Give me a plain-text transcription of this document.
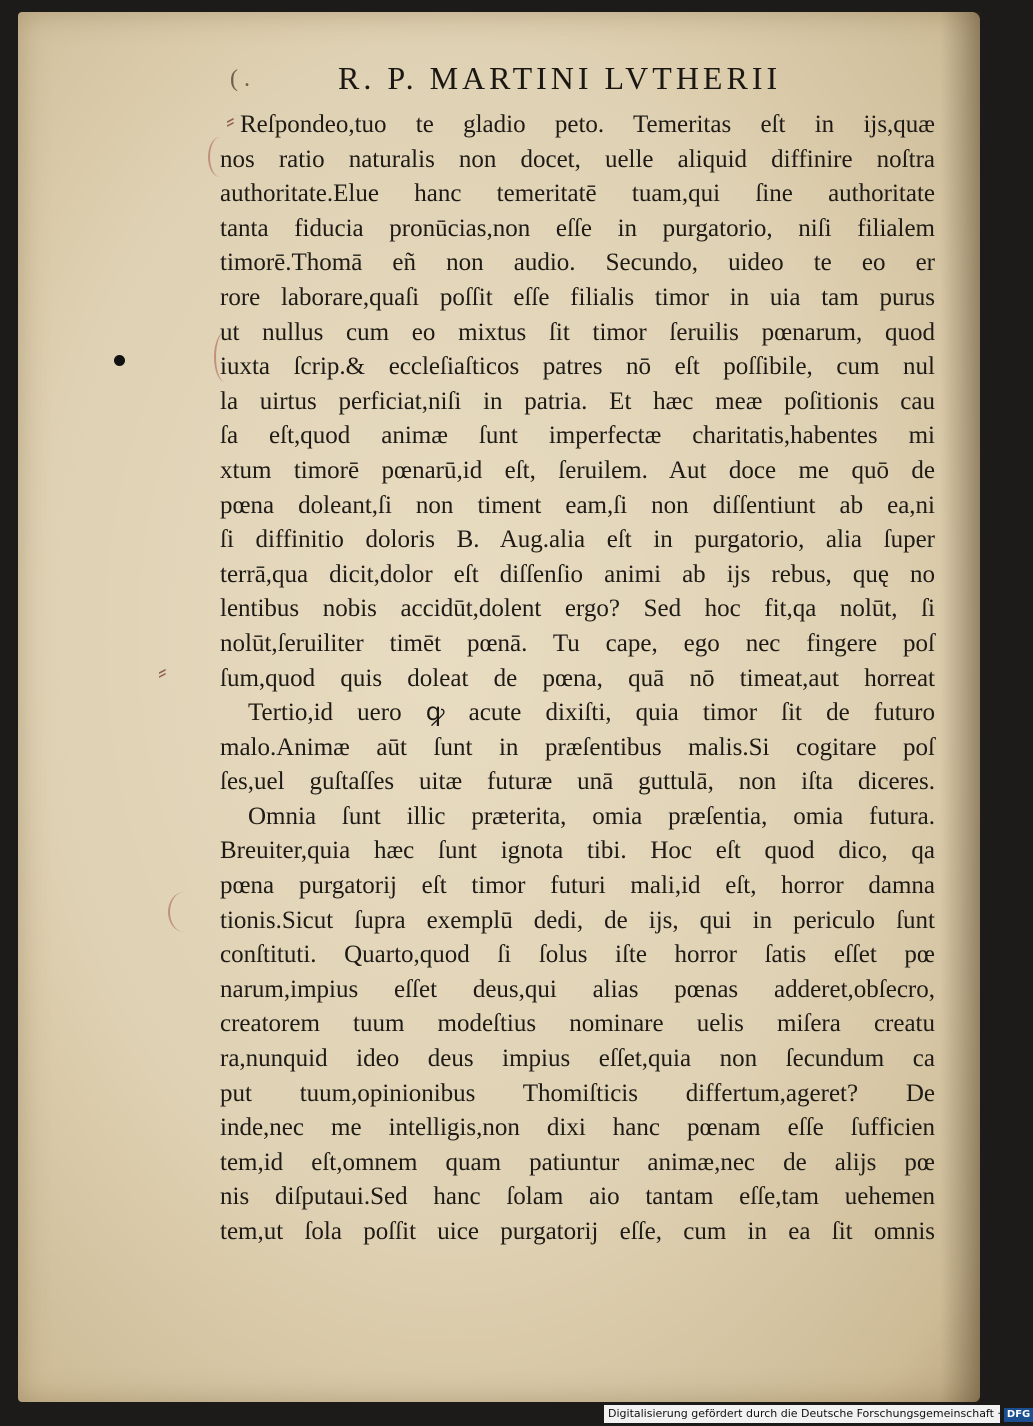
( .	R. P. MARTINI LVTHERII
⸗
⸗
Reſpondeo,tuo te gladio peto. Temeritas eſt in ijs,quæ
nos ratio naturalis non docet, uelle aliquid diffinire noſtra
authoritate.Elue hanc temeritatē tuam,qui ſine authoritate
tanta fiducia pronūcias,non eſſe in purgatorio, niſi filialem
timorē.Thomā eñ non audio. Secundo, uideo te eo er
rore laborare,quaſi poſſit eſſe filialis timor in uia tam purus
ut nullus cum eo mixtus ſit timor ſeruilis pœnarum, quod
iuxta ſcrip.& eccleſiaſticos patres nō eſt poſſibile, cum nul
la uirtus perficiat,niſi in patria. Et hæc meæ poſitionis cau
ſa eſt,quod animæ ſunt imperfectæ charitatis,habentes mi
xtum timorē pœnarū,id eſt, ſeruilem. Aut doce me quō de
pœna doleant,ſi non timent eam,ſi non diſſentiunt ab ea,ni
ſi diffinitio doloris B. Aug.alia eſt in purgatorio, alia ſuper
terrā,qua dicit,dolor eſt diſſenſio animi ab ijs rebus, quę no
lentibus nobis accidūt,dolent ergo? Sed hoc fit,qa nolūt, ſi
nolūt,ſeruiliter timēt pœnā. Tu cape, ego nec fingere poſ
ſum,quod quis doleat de pœna, quā nō timeat,aut horreat
Tertio,id uero ꝙ acute dixiſti, quia timor ſit de futuro
malo.Animæ aūt ſunt in præſentibus malis.Si cogitare poſ
ſes,uel guſtaſſes uitæ futuræ unā guttulā, non iſta diceres.
Omnia ſunt illic præterita, omia præſentia, omia futura.
Breuiter,quia hæc ſunt ignota tibi. Hoc eſt quod dico, qa
pœna purgatorij eſt timor futuri mali,id eſt, horror damna
tionis.Sicut ſupra exemplū dedi, de ijs, qui in periculo ſunt
conſtituti. Quarto,quod ſi ſolus iſte horror ſatis eſſet pœ
narum,impius eſſet deus,qui alias pœnas adderet,obſecro,
creatorem tuum modeſtius nominare uelis miſera creatu
ra,nunquid ideo deus impius eſſet,quia non ſecundum ca
put tuum,opinionibus Thomiſticis differtum,ageret? De
inde,nec me intelligis,non dixi hanc pœnam eſſe ſufficien
tem,id eſt,omnem quam patiuntur animæ,nec de alijs pœ
nis diſputaui.Sed hanc ſolam aio tantam eſſe,tam uehemen
tem,ut ſola poſſit uice purgatorij eſſe, cum in ea ſit omnis
Digitalisierung gefördert durch die Deutsche Forschungsgemeinschaft · DFG
